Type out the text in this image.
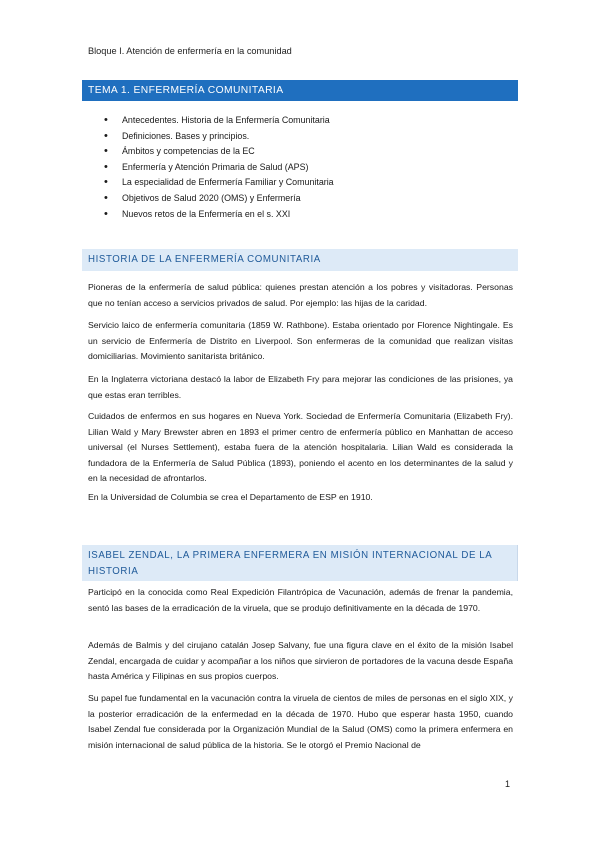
Bloque I. Atención de enfermería en la comunidad
TEMA 1. ENFERMERÍA COMUNITARIA
• Antecedentes. Historia de la Enfermería Comunitaria
• Definiciones. Bases y principios.
• Ámbitos y competencias de la EC
• Enfermería y Atención Primaria de Salud (APS)
• La especialidad de Enfermería Familiar y Comunitaria
• Objetivos de Salud 2020 (OMS) y Enfermería
• Nuevos retos de la Enfermería en el s. XXI
HISTORIA DE LA ENFERMERÍA COMUNITARIA

Pioneras de la enfermería de salud pública: quienes prestan atención a los pobres y visitadoras. Personas que no tenían acceso a servicios privados de salud. Por ejemplo: las hijas de la caridad.

Servicio laico de enfermería comunitaria (1859 W. Rathbone). Estaba orientado por Florence Nightingale. Es un servicio de Enfermería de Distrito en Liverpool. Son enfermeras de la comunidad que realizan visitas domiciliarias. Movimiento sanitarista británico.

En la Inglaterra victoriana destacó la labor de Elizabeth Fry para mejorar las condiciones de las prisiones, ya que estas eran terribles.

Cuidados de enfermos en sus hogares en Nueva York. Sociedad de Enfermería Comunitaria (Elizabeth Fry). Lilian Wald y Mary Brewster abren en 1893 el primer centro de enfermería público en Manhattan de acceso universal (el Nurses Settlement), estaba fuera de la atención hospitalaria. Lilian Wald es considerada la fundadora de la Enfermería de Salud Pública (1893), poniendo el acento en los determinantes de la salud y en la necesidad de afrontarlos.

En la Universidad de Columbia se crea el Departamento de ESP en 1910.

ISABEL ZENDAL, LA PRIMERA ENFERMERA EN MISIÓN INTERNACIONAL DE LA HISTORIA

Participó en la conocida como Real Expedición Filantrópica de Vacunación, además de frenar la pandemia, sentó las bases de la erradicación de la viruela, que se produjo definitivamente en la década de 1970.

Además de Balmis y del cirujano catalán Josep Salvany, fue una figura clave en el éxito de la misión Isabel Zendal, encargada de cuidar y acompañar a los niños que sirvieron de portadores de la vacuna desde España hasta América y Filipinas en sus propios cuerpos.

Su papel fue fundamental en la vacunación contra la viruela de cientos de miles de personas en el siglo XIX, y la posterior erradicación de la enfermedad en la década de 1970. Hubo que esperar hasta 1950, cuando Isabel Zendal fue considerada por la Organización Mundial de la Salud (OMS) como la primera enfermera en misión internacional de salud pública de la historia. Se le otorgó el Premio Nacional de

1
